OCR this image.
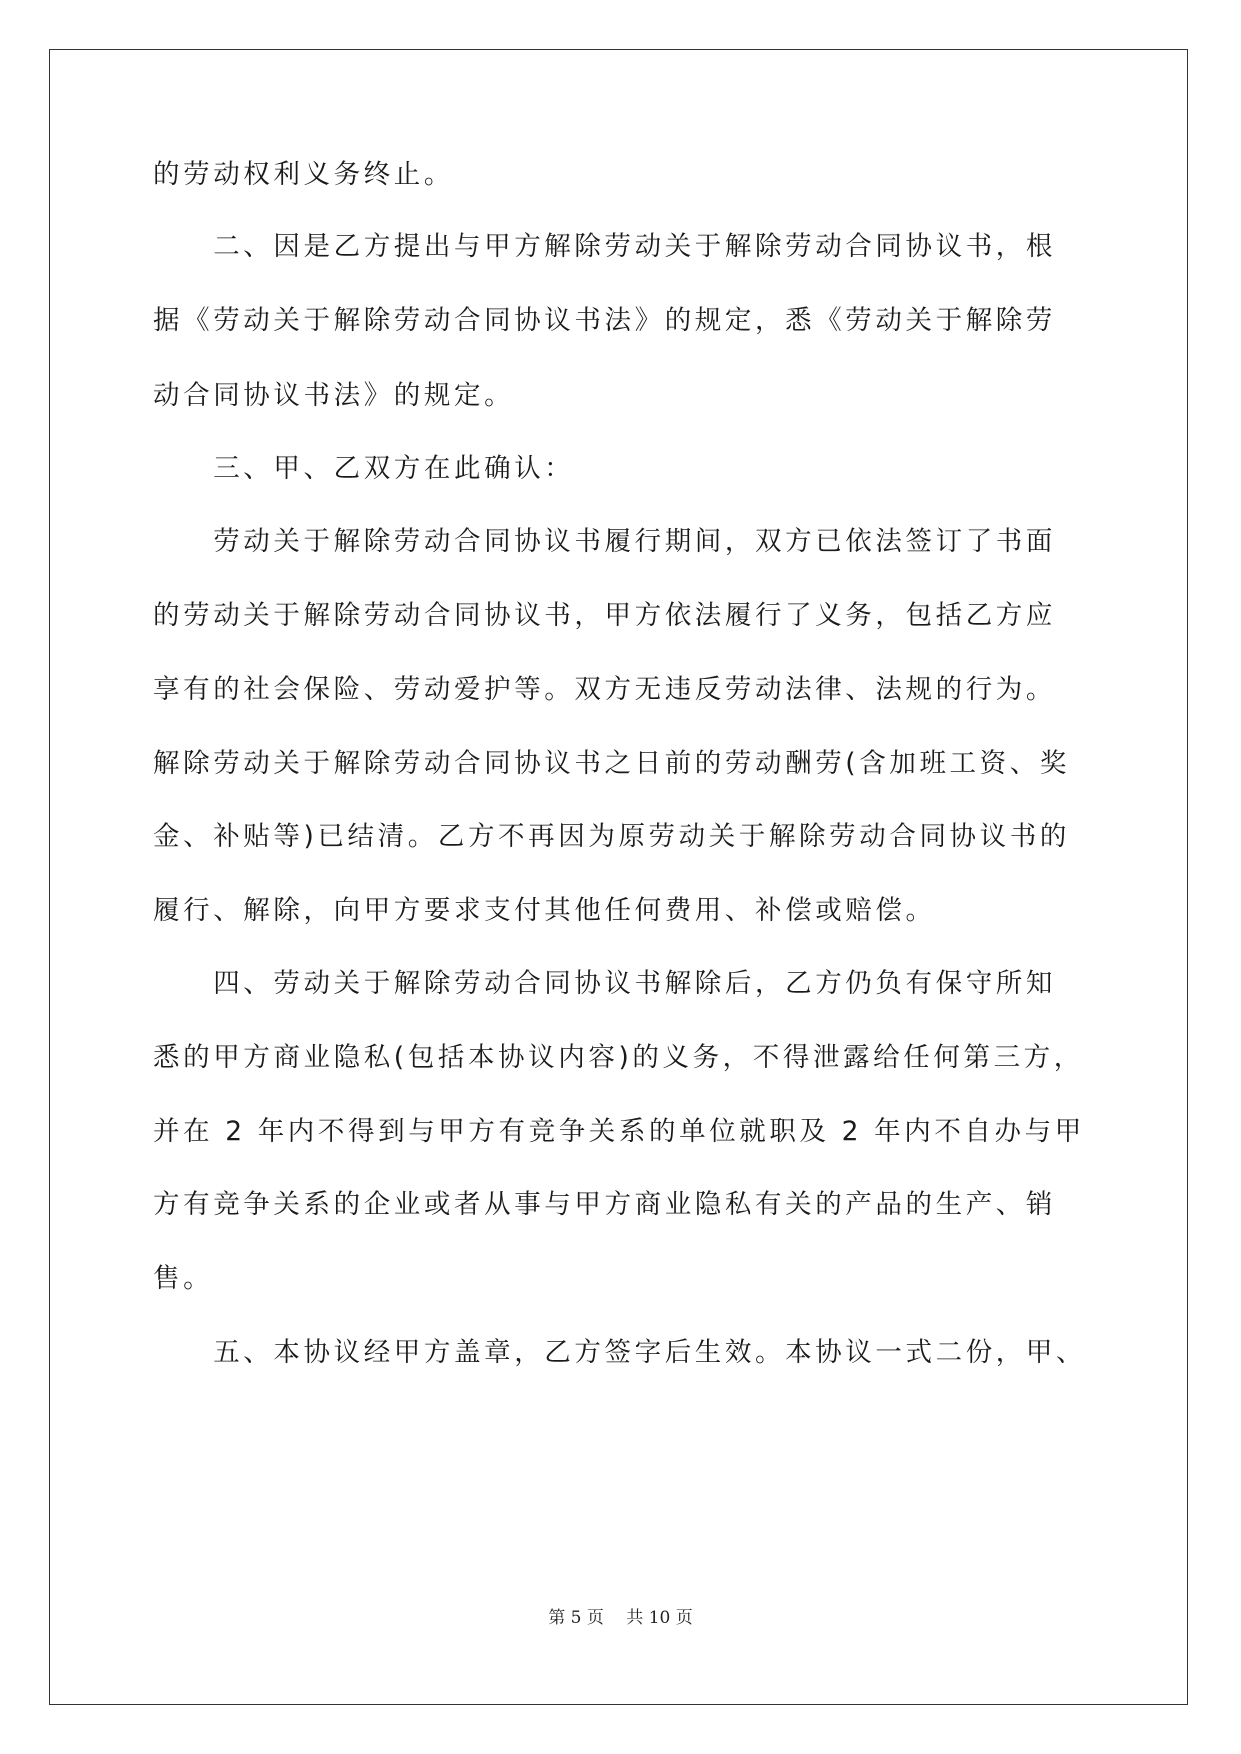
的劳动权利义务终止。
　　二、因是乙方提出与甲方解除劳动关于解除劳动合同协议书，根
据《劳动关于解除劳动合同协议书法》的规定，悉《劳动关于解除劳
动合同协议书法》的规定。
　　三、甲、乙双方在此确认：
　　劳动关于解除劳动合同协议书履行期间，双方已依法签订了书面
的劳动关于解除劳动合同协议书，甲方依法履行了义务，包括乙方应
享有的社会保险、劳动爱护等。双方无违反劳动法律、法规的行为。
解除劳动关于解除劳动合同协议书之日前的劳动酬劳(含加班工资、奖
金、补贴等)已结清。乙方不再因为原劳动关于解除劳动合同协议书的
履行、解除，向甲方要求支付其他任何费用、补偿或赔偿。
　　四、劳动关于解除劳动合同协议书解除后，乙方仍负有保守所知
悉的甲方商业隐私(包括本协议内容)的义务，不得泄露给任何第三方，
并在 2 年内不得到与甲方有竞争关系的单位就职及 2 年内不自办与甲
方有竞争关系的企业或者从事与甲方商业隐私有关的产品的生产、销
售。
　　五、本协议经甲方盖章，乙方签字后生效。本协议一式二份，甲、
第 5 页　 共 10 页
